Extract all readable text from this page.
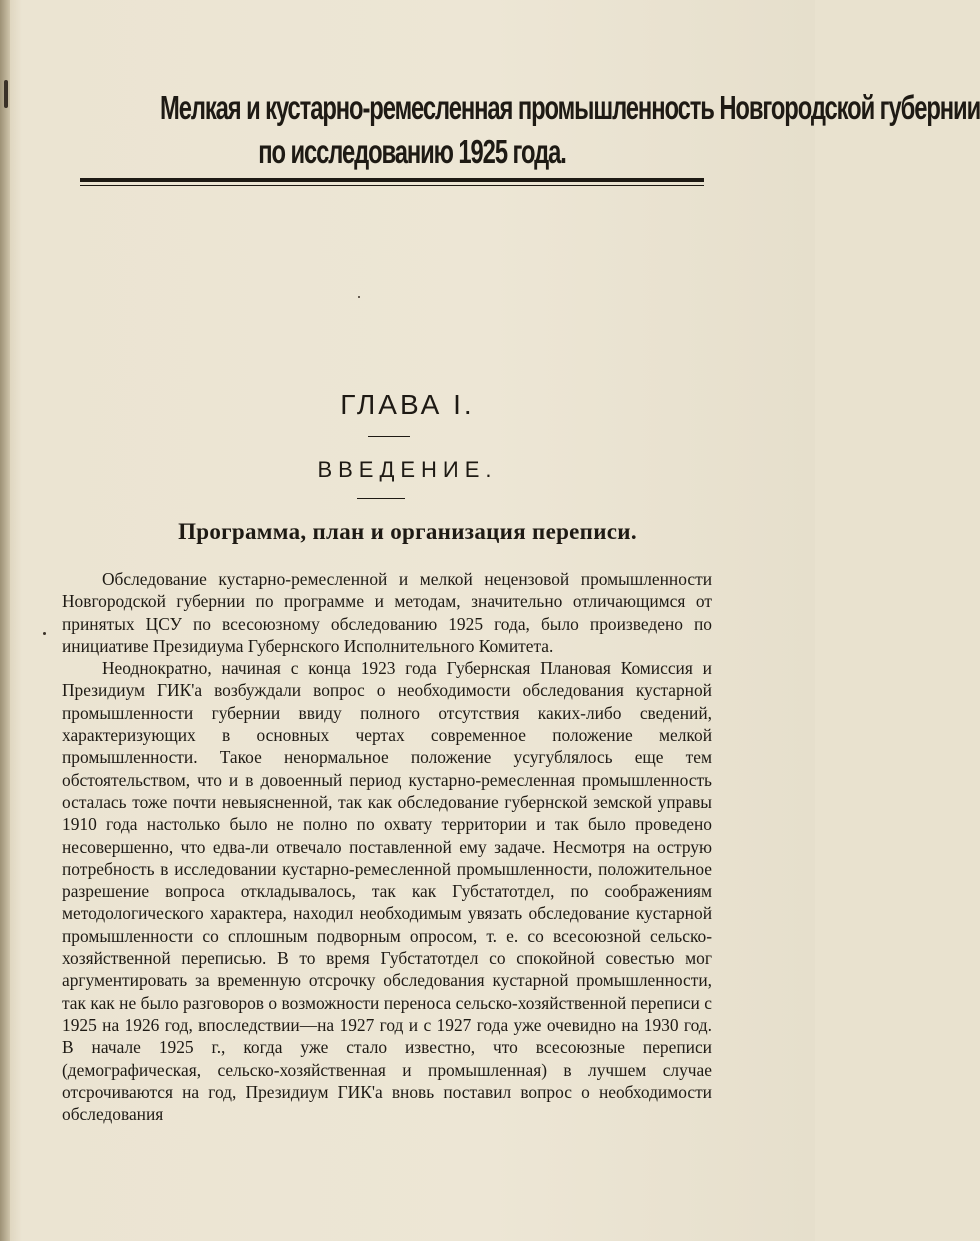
Мелкая и кустарно-ремесленная промышленность Новгородской губернии
по исследованию 1925 года.
ГЛАВА I.
ВВЕДЕНИЕ.
Программа, план и организация переписи.

Обследование кустарно-ремесленной и мелкой нецензовой промышленности Новгородской губернии по программе и методам, значительно отличающимся от принятых ЦСУ по всесоюзному обследованию 1925 года, было произведено по инициативе Президиума Губернского Исполнительного Комитета.

Неоднократно, начиная с конца 1923 года Губернская Плановая Комиссия и Президиум ГИК'а возбуждали вопрос о необходимости обследования кустарной промышленности губернии ввиду полного отсутствия каких-либо сведений, характеризующих в основных чертах современное положение мелкой промышленности. Такое ненормальное положение усугублялось еще тем обстоятельством, что и в довоенный период кустарно-ремесленная промышленность осталась тоже почти невыясненной, так как обследование губернской земской управы 1910 года настолько было не полно по охвату территории и так было проведено несовершенно, что едва-ли отвечало поставленной ему задаче. Несмотря на острую потребность в исследовании кустарно-ремесленной промышленности, положительное разрешение вопроса откладывалось, так как Губстатотдел, по соображениям методологического характера, находил необходимым увязать обследование кустарной промышленности со сплошным подворным опросом, т. е. со всесоюзной сельско-хозяйственной переписью. В то время Губстатотдел со спокойной совестью мог аргументировать за временную отсрочку обследования кустарной промышленности, так как не было разговоров о возможности переноса сельско-хозяйственной переписи с 1925 на 1926 год, впоследствии—на 1927 год и с 1927 года уже очевидно на 1930 год. В начале 1925 г., когда уже стало известно, что всесоюзные переписи (демографическая, сельско-хозяйственная и промышленная) в лучшем случае отсрочиваются на год, Президиум ГИК'а вновь поставил вопрос о необходимости обследования
